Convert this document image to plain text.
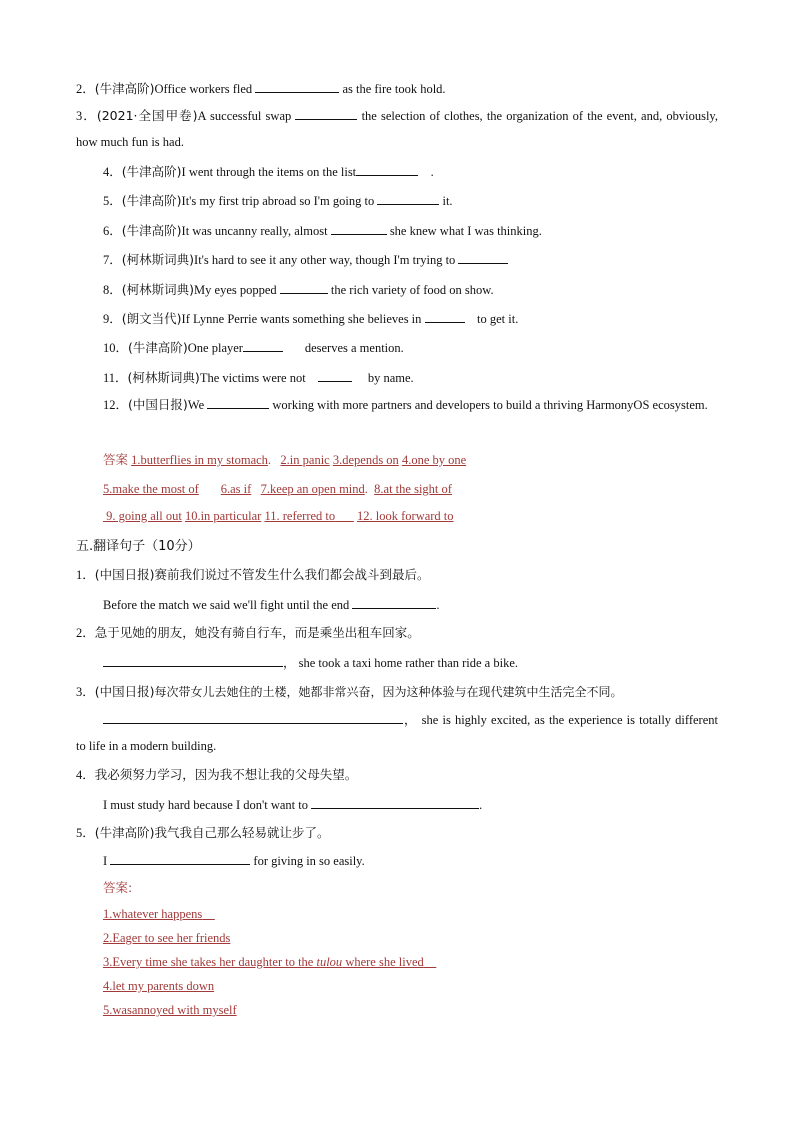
2．(牛津高阶)Office workers fled	as the fire took hold.
3．(2021·全国甲卷)A successful swap	the selection of clothes, the organization of the event, and, obviously, how much fun is had.
4．(牛津高阶)I went through the items on the list	.
5．(牛津高阶)It's my first trip abroad so I'm going to	it.
6．(牛津高阶)It was uncanny really, almost	she knew what I was thinking.
7．(柯林斯词典)It's hard to see it any other way, though I'm trying to
8．(柯林斯词典)My eyes popped	the rich variety of food on show.
9．(朗文当代)If Lynne Perrie wants something she believes in	to get it.
10．(牛津高阶)One player	deserves a mention.
11．(柯林斯词典)The victims were not	by name.
12．(中国日报)We	working with more partners and developers to build a thriving HarmonyOS ecosystem.
答案 1.butterflies in my stomach.   2.in panic 3.depends on 4.one by one
5.make the most of 6.as if 7.keep an open mind.  8.at the sight of
9. going all out 10.in particular 11. referred to 12. look forward to
五.翻译句子（10分）
1．(中国日报)赛前我们说过不管发生什么我们都会战斗到最后。
Before the match we said we'll fight until the end	.
2．急于见她的朋友，她没有骑自行车，而是乘坐出租车回家。
， she took a taxi home rather than ride a bike.
3．(中国日报)每次带女儿去她住的土楼，她都非常兴奋，因为这种体验与在现代建筑中生活完全不同。
， she is highly excited, as the experience is totally different to life in a modern building.
4．我必须努力学习，因为我不想让我的父母失望。
I must study hard because I don't want to	.
5．(牛津高阶)我气我自己那么轻易就让步了。
I	for giving in so easily.
答案:
1.whatever happens
2.Eager to see her friends
3.Every time she takes her daughter to the tulou where she lived
4.let my parents down
5.wasannoyed with myself
